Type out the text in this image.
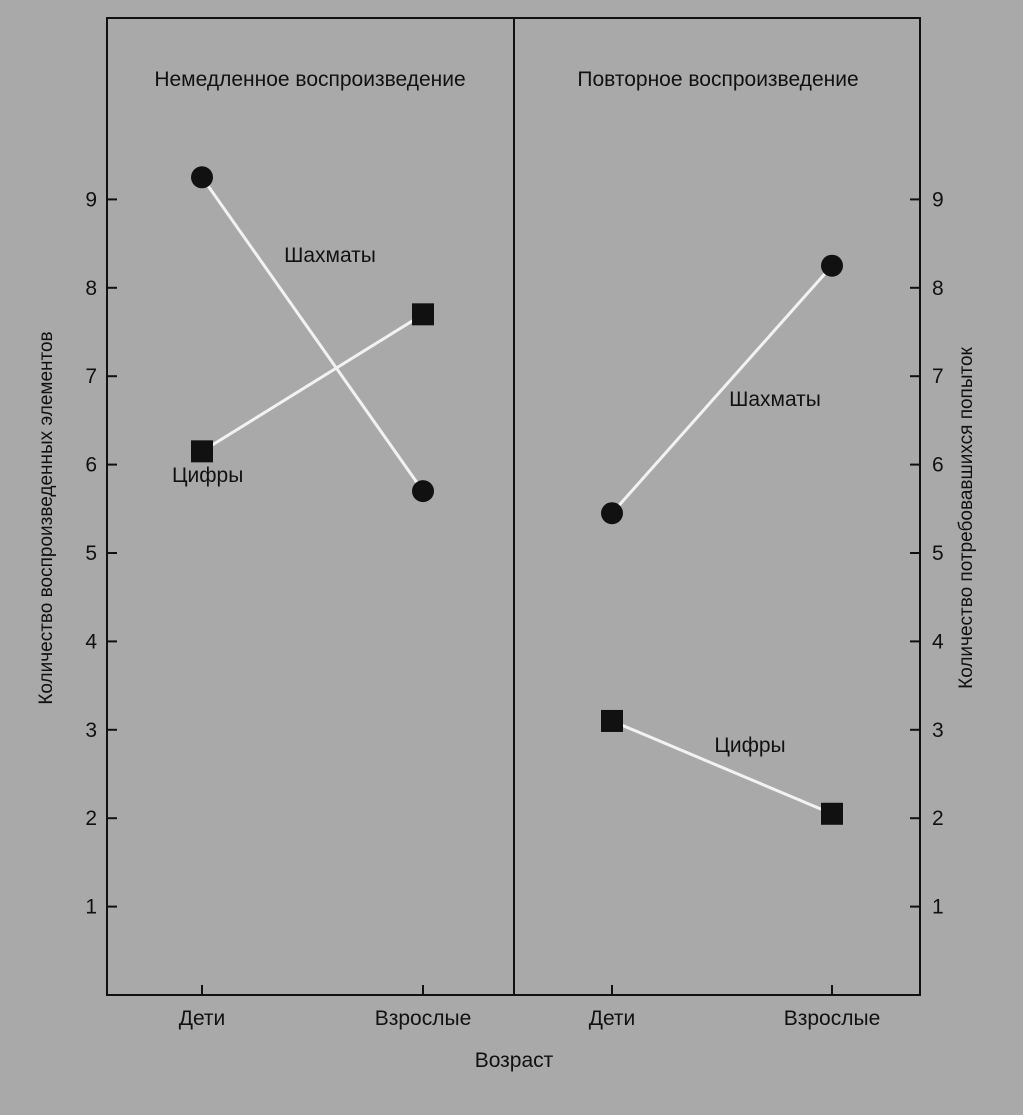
Немедленное воспроизведение	Повторное воспроизведение
Количество воспроизведенных элементов	Количество потребовавшихся попыток
Возраст
1
2
3
4
5
6
7
8
9
1
2
3
4
5
6
7
8
9
Дети	Взрослые	Дети	Взрослые
Шахматы
Цифры
Шахматы
Цифры
